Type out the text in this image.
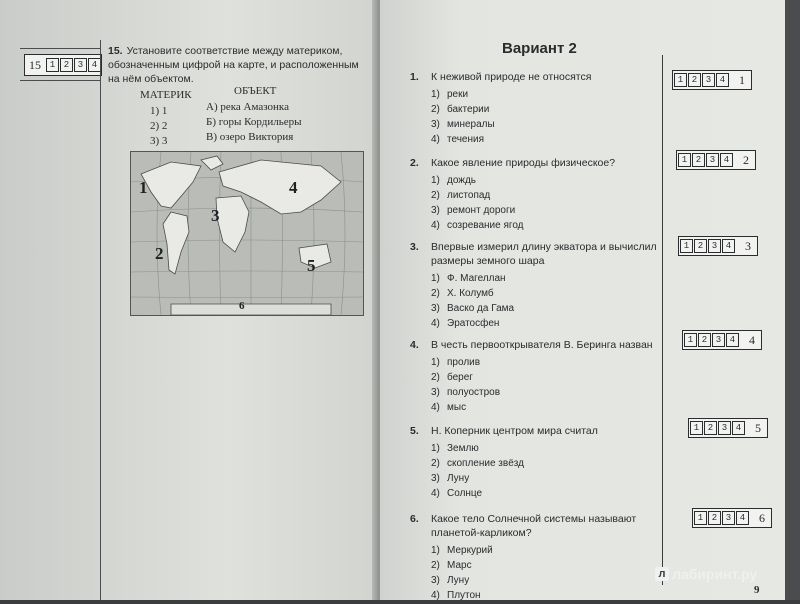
15 1 2 3 4
15. Установите соответствие между материком, обозначенным цифрой на карте, и расположенным на нём объектом.
МАТЕРИК	ОБЪЕКТ
1) 1
2) 2
3) 3
А) река Амазонка
Б) горы Кордильеры
В) озеро Виктория
1
2
3
4
5
6
Вариант 2
1. К неживой природе не относятся
1) реки
2) бактерии
3) минералы
4) течения
1 2 3 4	1
2. Какое явление природы физическое?
1) дождь
2) листопад
3) ремонт дороги
4) созревание ягод
1 2 3 4	2
3. Впервые измерил длину экватора и вычислил размеры земного шара
1) Ф. Магеллан
2) Х. Колумб
3) Васко да Гама
4) Эратосфен
1 2 3 4	3
4. В честь первооткрывателя В. Беринга назван
1) пролив
2) берег
3) полуостров
4) мыс
1 2 3 4	4
5. Н. Коперник центром мира считал
1) Землю
2) скопление звёзд
3) Луну
4) Солнце
1 2 3 4	5
6. Какое тело Солнечной системы называют планетой-карликом?
1) Меркурий
2) Марс
3) Луну
4) Плутон
1 2 3 4	6
л лабиринт.ру
9
